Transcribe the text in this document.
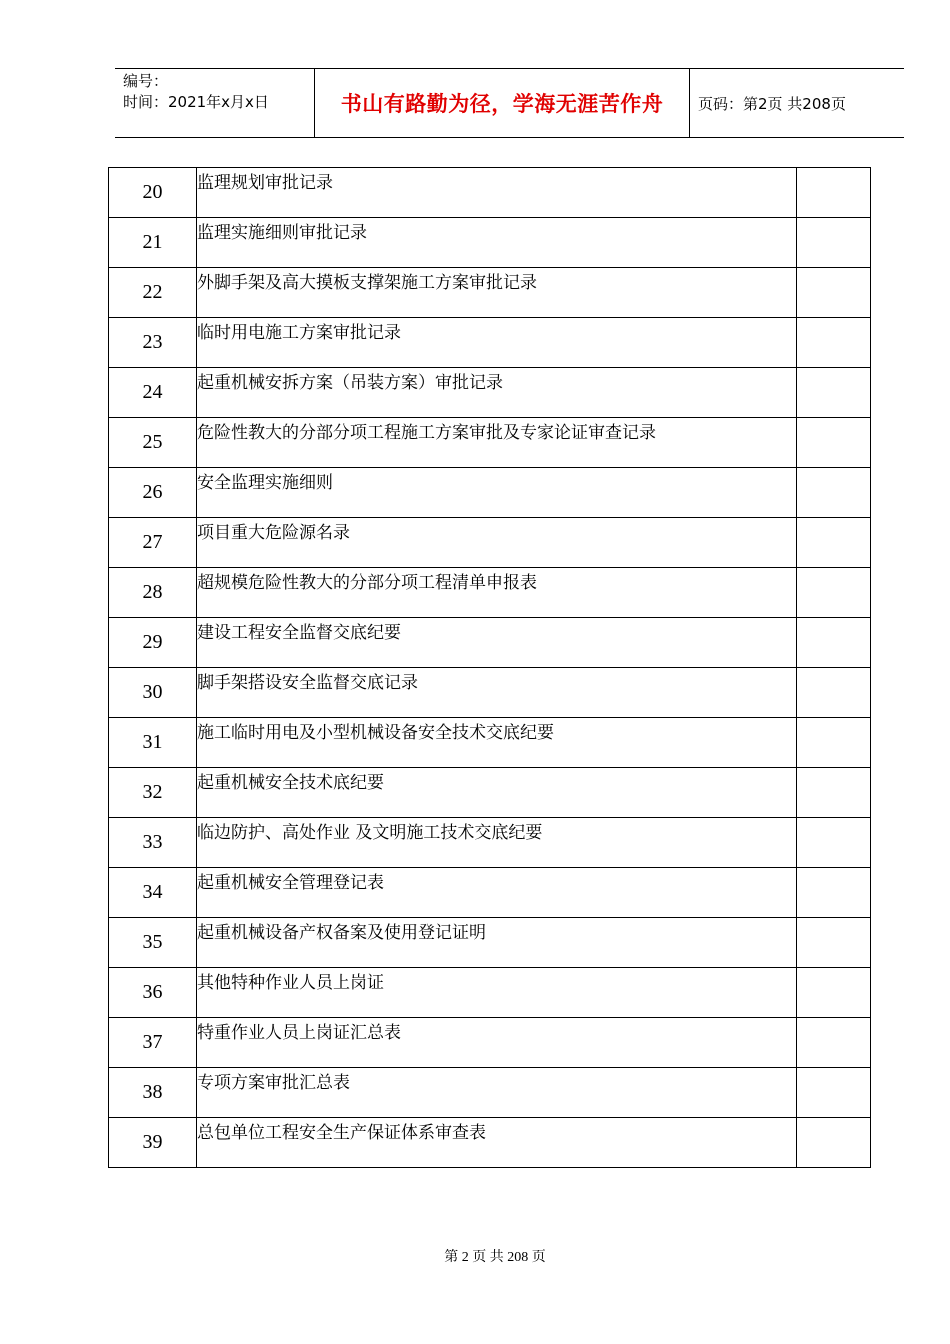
编号：
时间：2021年x月x日	书山有路勤为径，学海无涯苦作舟	页码：第2页 共208页
20	监理规划审批记录	
21	监理实施细则审批记录	
22	外脚手架及高大摸板支撑架施工方案审批记录	
23	临时用电施工方案审批记录	
24	起重机械安拆方案（吊装方案）审批记录	
25	危险性教大的分部分项工程施工方案审批及专家论证审查记录	
26	安全监理实施细则	
27	项目重大危险源名录	
28	超规模危险性教大的分部分项工程清单申报表	
29	建设工程安全监督交底纪要	
30	脚手架搭设安全监督交底记录	
31	施工临时用电及小型机械设备安全技术交底纪要	
32	起重机械安全技术底纪要	
33	临边防护、高处作业 及文明施工技术交底纪要	
34	起重机械安全管理登记表	
35	起重机械设备产权备案及使用登记证明	
36	其他特种作业人员上岗证	
37	特重作业人员上岗证汇总表	
38	专项方案审批汇总表	
39	总包单位工程安全生产保证体系审查表	
第 2 页 共 208 页
